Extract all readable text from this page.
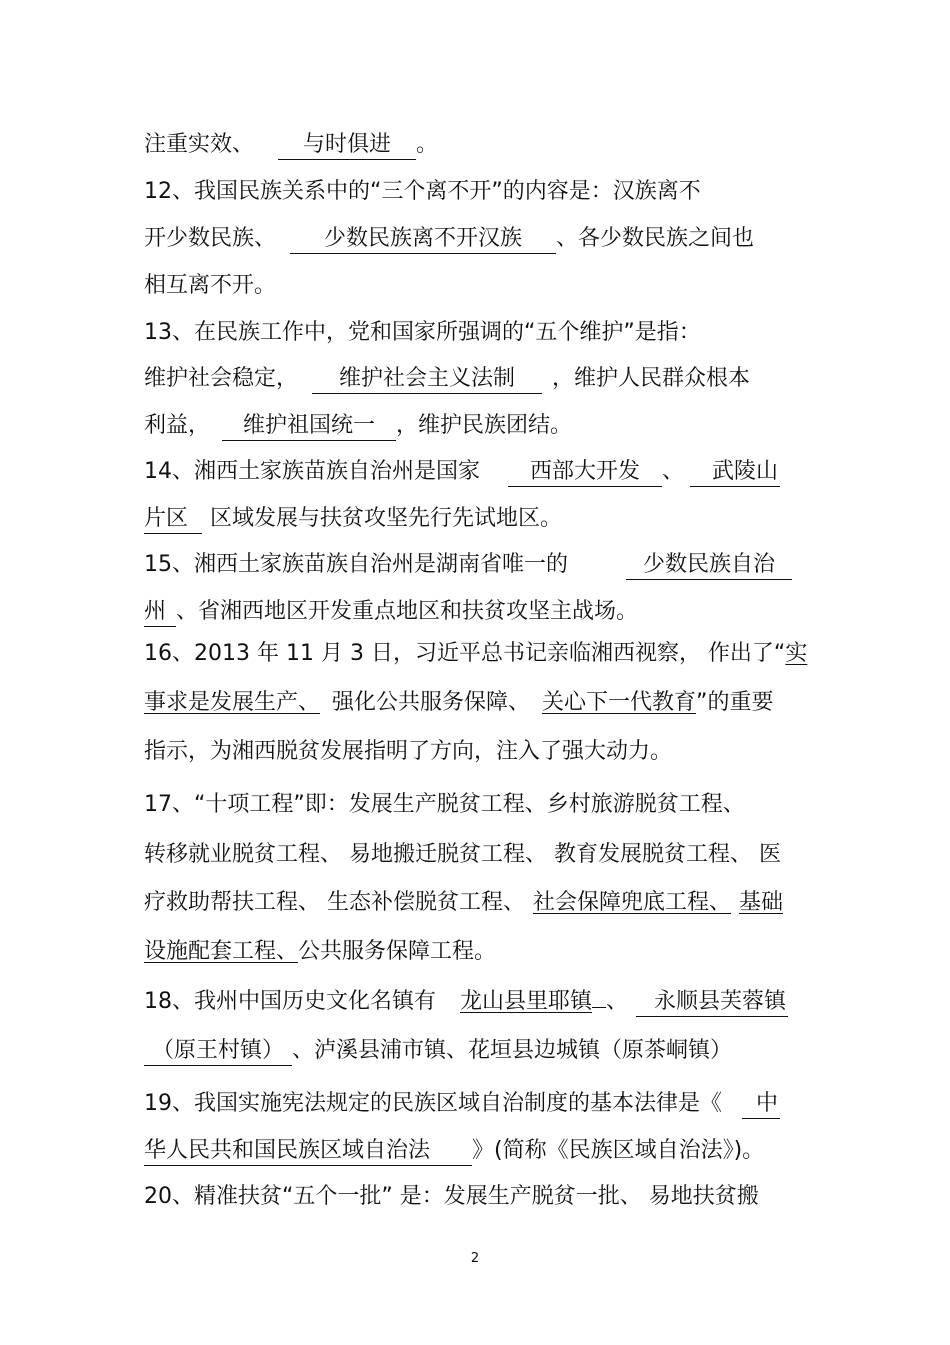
注重实效、 与时俱进 。
12、我国民族关系中的“三个离不开”的内容是：汉族离不
开少数民族、 少数民族离不开汉族 、各少数民族之间也
相互离不开。
13、在民族工作中，党和国家所强调的“五个维护”是指：
维护社会稳定， 维护社会主义法制 ，维护人民群众根本
利益， 维护祖国统一 ，维护民族团结。
14、湘西土家族苗族自治州是国家 西部大开发 、 武陵山
片区 区域发展与扶贫攻坚先行先试地区。
15、湘西土家族苗族自治州是湖南省唯一的	少数民族自治
州 、省湘西地区开发重点地区和扶贫攻坚主战场。
16、2013 年 11 月 3 日，习近平总书记亲临湘西视察， 作出了“实
事求是发展生产、 强化公共服务保障、 关心下一代教育”的重要
指示，为湘西脱贫发展指明了方向，注入了强大动力。
17、“十项工程”即：发展生产脱贫工程、乡村旅游脱贫工程、
转移就业脱贫工程、 易地搬迁脱贫工程、 教育发展脱贫工程、 医
疗救助帮扶工程、 生态补偿脱贫工程、 社会保障兜底工程、 基础
设施配套工程、公共服务保障工程。
18、我州中国历史文化名镇有 龙山县里耶镇 、 永顺县芙蓉镇
（原王村镇） 、泸溪县浦市镇、花垣县边城镇（原茶峒镇）
19、我国实施宪法规定的民族区域自治制度的基本法律是《 中
华人民共和国民族区域自治法 》(简称《民族区域自治法》)。
20、精准扶贫“五个一批” 是：发展生产脱贫一批、 易地扶贫搬
2
